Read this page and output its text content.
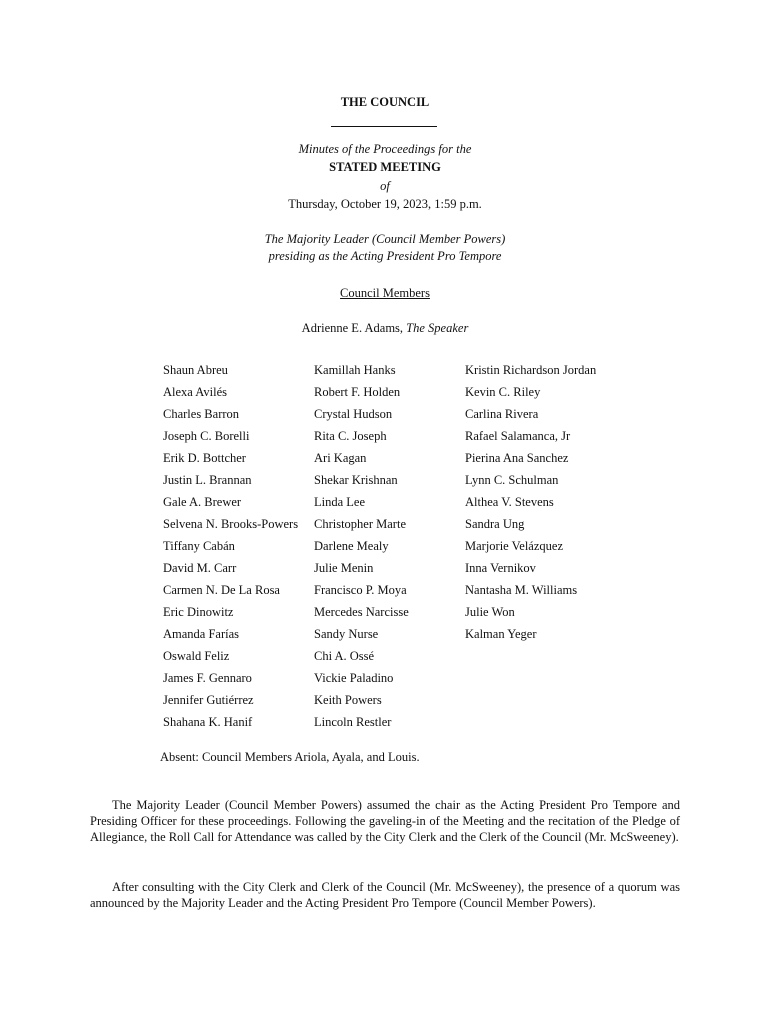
THE COUNCIL
Minutes of the Proceedings for the
STATED MEETING
of
Thursday, October 19, 2023, 1:59 p.m.
The Majority Leader (Council Member Powers)
presiding as the Acting President Pro Tempore
Council Members
Adrienne E. Adams, The Speaker
Shaun Abreu
Alexa Avilés
Charles Barron
Joseph C. Borelli
Erik D. Bottcher
Justin L. Brannan
Gale A. Brewer
Selvena N. Brooks-Powers
Tiffany Cabán
David M. Carr
Carmen N. De La Rosa
Eric Dinowitz
Amanda Farías
Oswald Feliz
James F. Gennaro
Jennifer Gutiérrez
Shahana K. Hanif
Kamillah Hanks
Robert F. Holden
Crystal Hudson
Rita C. Joseph
Ari Kagan
Shekar Krishnan
Linda Lee
Christopher Marte
Darlene Mealy
Julie Menin
Francisco P. Moya
Mercedes Narcisse
Sandy Nurse
Chi A. Ossé
Vickie Paladino
Keith Powers
Lincoln Restler
Kristin Richardson Jordan
Kevin C. Riley
Carlina Rivera
Rafael Salamanca, Jr
Pierina Ana Sanchez
Lynn C. Schulman
Althea V. Stevens
Sandra Ung
Marjorie Velázquez
Inna Vernikov
Nantasha M. Williams
Julie Won
Kalman Yeger
Absent: Council Members Ariola, Ayala, and Louis.

The Majority Leader (Council Member Powers) assumed the chair as the Acting President Pro Tempore and Presiding Officer for these proceedings. Following the gaveling-in of the Meeting and the recitation of the Pledge of Allegiance, the Roll Call for Attendance was called by the City Clerk and the Clerk of the Council (Mr. McSweeney).

After consulting with the City Clerk and Clerk of the Council (Mr. McSweeney), the presence of a quorum was announced by the Majority Leader and the Acting President Pro Tempore (Council Member Powers).
